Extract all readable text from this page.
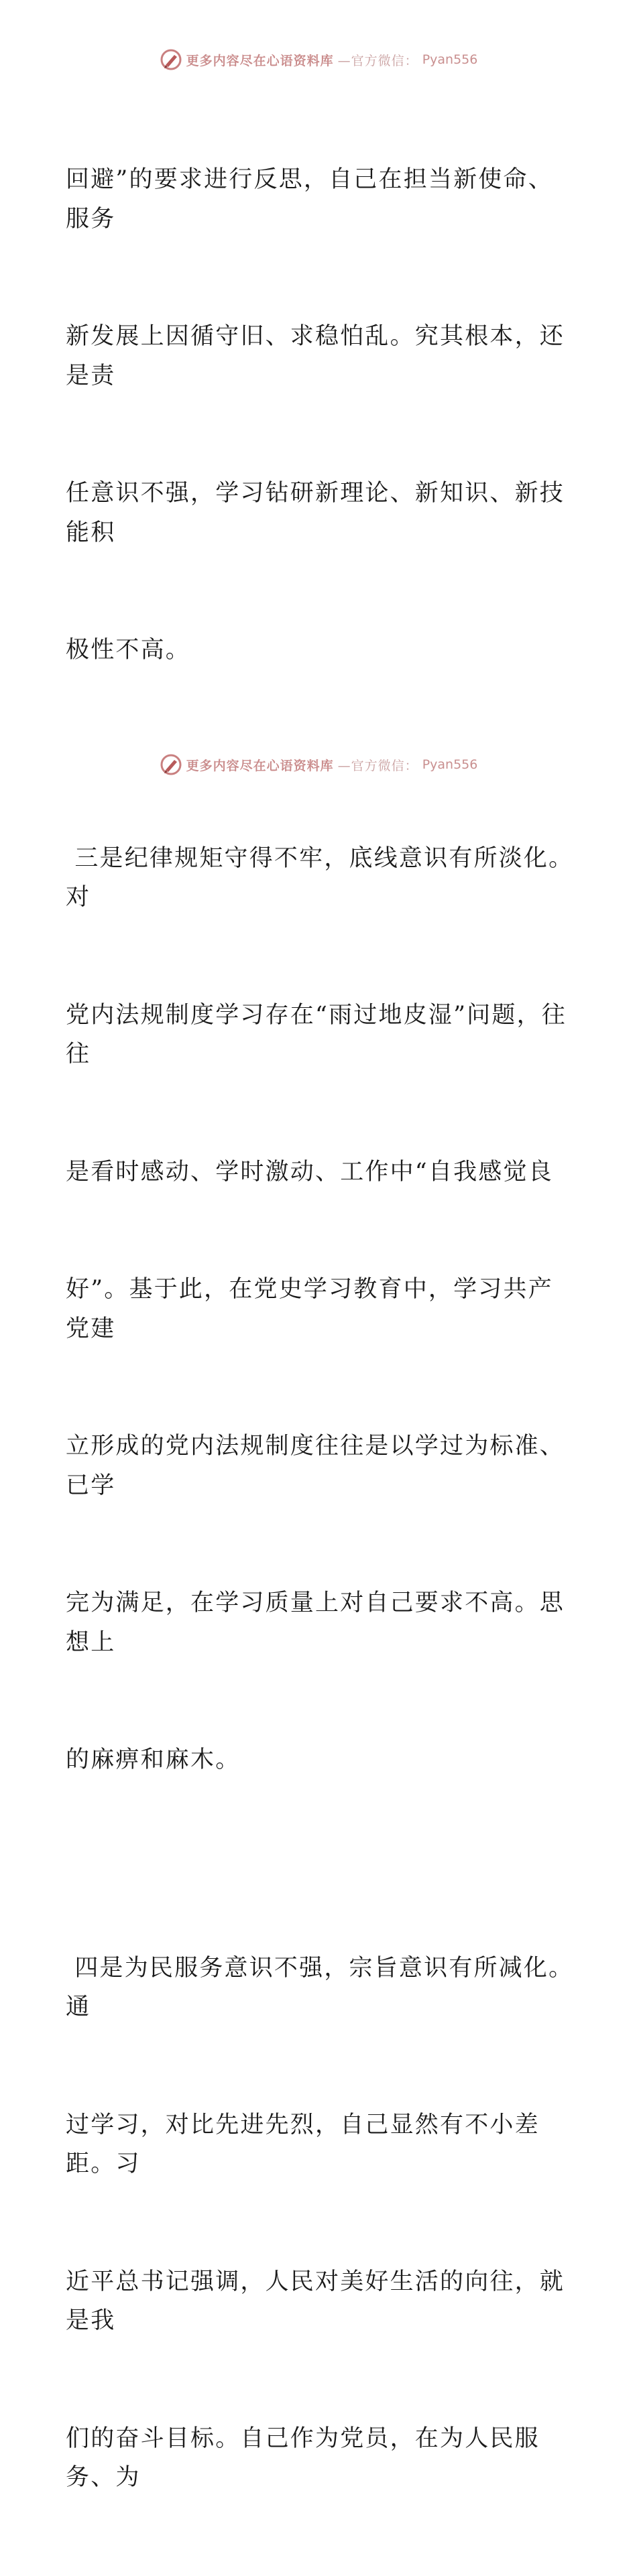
更多内容尽在心语资料库 —官方微信： Pyan556

回避”的要求进行反思，自己在担当新使命、服务

新发展上因循守旧、求稳怕乱。究其根本，还是责

任意识不强，学习钻研新理论、新知识、新技能积

极性不高。

三是纪律规矩守得不牢，底线意识有所淡化。对

党内法规制度学习存在“雨过地皮湿”问题，往往

是看时感动、学时激动、工作中“自我感觉良

好”。基于此，在党史学习教育中，学习共产党建

立形成的党内法规制度往往是以学过为标准、已学

完为满足，在学习质量上对自己要求不高。思想上

的麻痹和麻木。

四是为民服务意识不强，宗旨意识有所减化。通

过学习，对比先进先烈，自己显然有不小差距。习

近平总书记强调，人民对美好生活的向往，就是我

们的奋斗目标。自己作为党员，在为人民服务、为

更多内容尽在心语资料库 —官方微信： Pyan556
